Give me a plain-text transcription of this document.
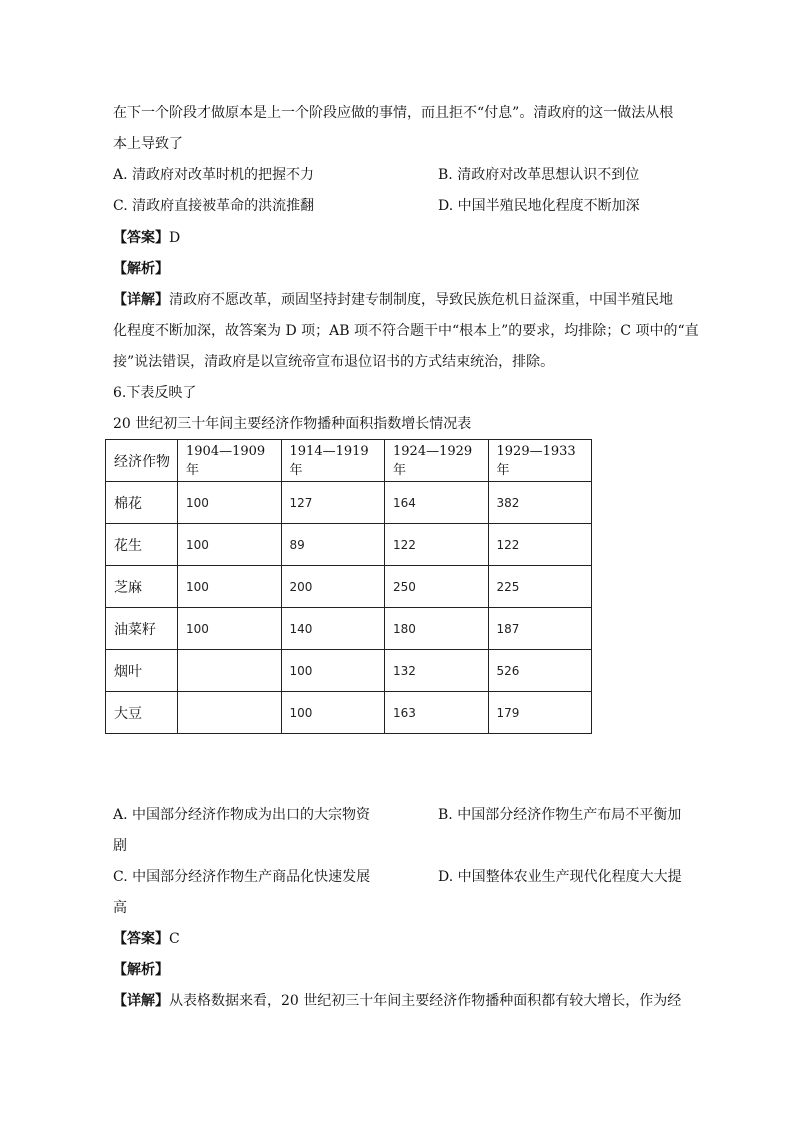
在下一个阶段才做原本是上一个阶段应做的事情，而且拒不“付息”。清政府的这一做法从根
本上导致了
A. 清政府对改革时机的把握不力	B. 清政府对改革思想认识不到位
C. 清政府直接被革命的洪流推翻	D. 中国半殖民地化程度不断加深
【答案】D
【解析】
【详解】清政府不愿改革，顽固坚持封建专制制度，导致民族危机日益深重，中国半殖民地
化程度不断加深，故答案为 D 项；AB 项不符合题干中“根本上”的要求，均排除；C 项中的“直
接”说法错误，清政府是以宣统帝宣布退位诏书的方式结束统治，排除。
6.下表反映了
20 世纪初三十年间主要经济作物播种面积指数增长情况表
经济作物	1904—1909 年	1914—1919 年	1924—1929 年	1929—1933 年
棉花	100	127	164	382
花生	100	89	122	122
芝麻	100	200	250	225
油菜籽	100	140	180	187
烟叶		100	132	526
大豆		100	163	179
A. 中国部分经济作物成为出口的大宗物资	B. 中国部分经济作物生产布局不平衡加
剧
C. 中国部分经济作物生产商品化快速发展	D. 中国整体农业生产现代化程度大大提
高
【答案】C
【解析】
【详解】从表格数据来看，20 世纪初三十年间主要经济作物播种面积都有较大增长，作为经
